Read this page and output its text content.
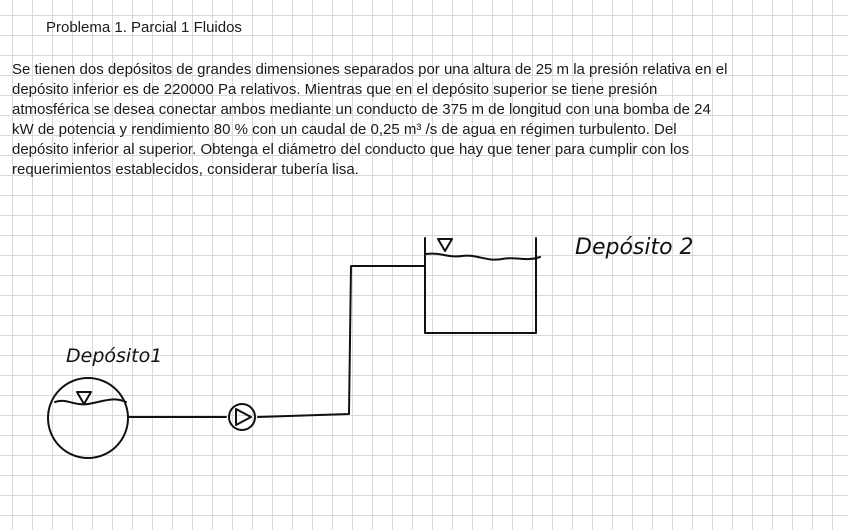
Problema 1. Parcial 1 Fluidos

Se tienen dos depósitos de grandes dimensiones separados por una altura de 25 m la presión relativa en el
depósito inferior es de 220000 Pa relativos. Mientras que en el depósito superior se tiene presión
atmosférica se desea conectar ambos mediante un conducto de 375 m de longitud con una bomba de 24
kW de potencia y rendimiento 80 % con un caudal de 0,25 m³ /s de agua en régimen turbulento. Del
depósito inferior al superior. Obtenga el diámetro del conducto que hay que tener para cumplir con los
requerimientos establecidos, considerar tubería lisa.

Depósito 2
Depósito1
